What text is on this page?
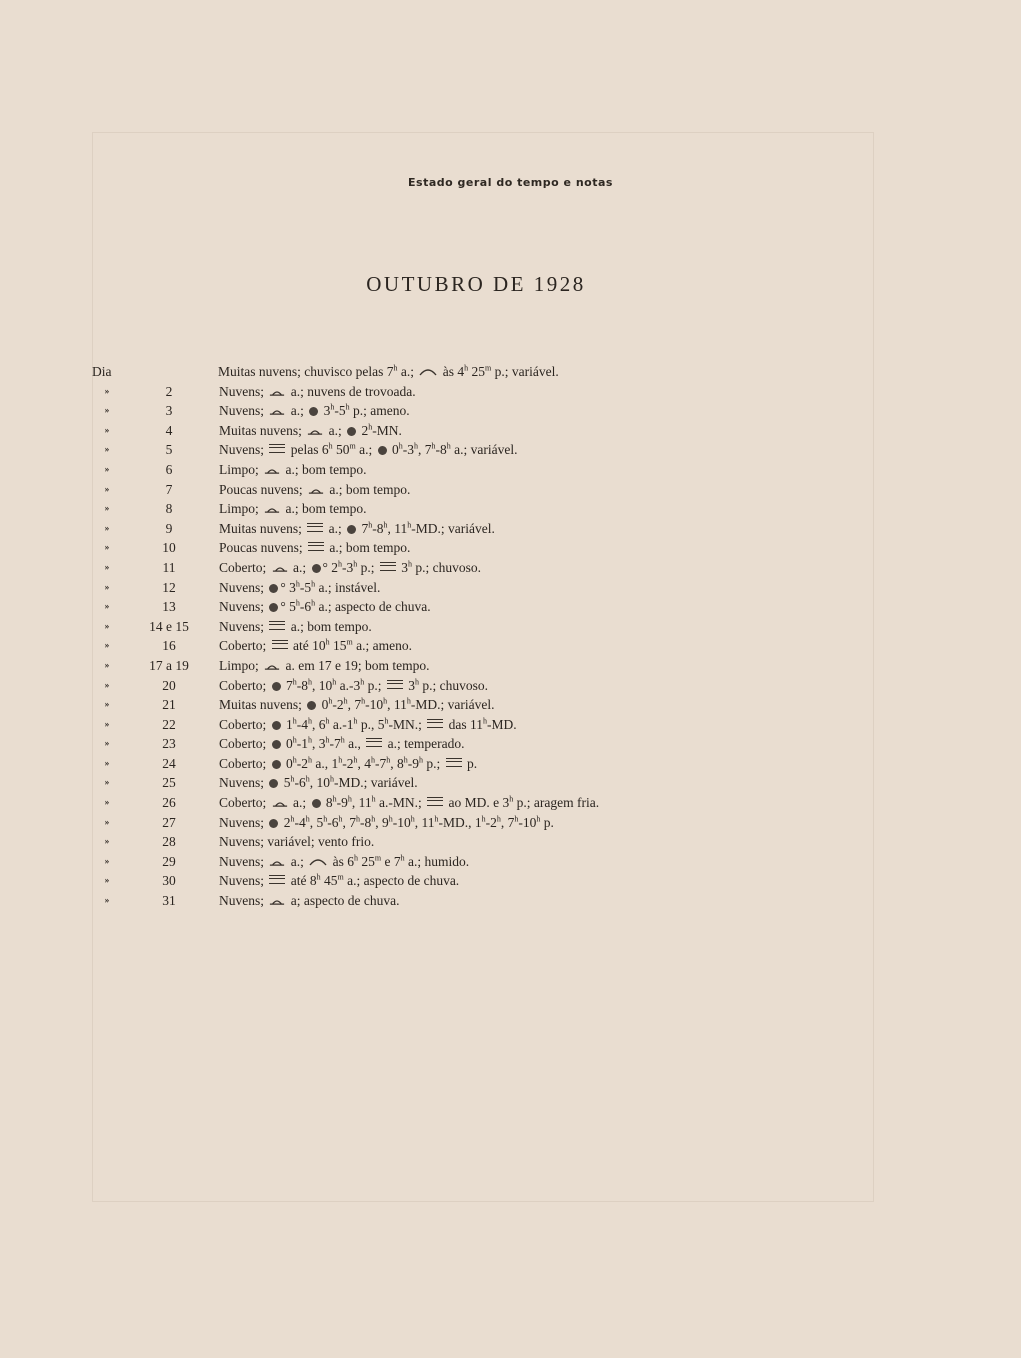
Estado geral do tempo e notas
OUTUBRO DE 1928
Dia	Muitas nuvens; chuvisco pelas 7$^h$ a.;  às 4$^h$ 25$^m$ p.; variável.
»	2	Nuvens;  a.; nuvens de trovoada.
»	3	Nuvens;  a.;  3$^h$-5$^h$ p.; ameno.
»	4	Muitas nuvens;  a.;  2$^h$-MN.
»	5	Nuvens;  pelas 6$^h$ 50$^m$ a.;  0$^h$-3$^h$, 7$^h$-8$^h$ a.; variável.
»	6	Limpo;  a.; bom tempo.
»	7	Poucas nuvens;  a.; bom tempo.
»	8	Limpo;  a.; bom tempo.
»	9	Muitas nuvens;  a.;  7$^h$-8$^h$, 11$^h$-MD.; variável.
»	10	Poucas nuvens;  a.; bom tempo.
»	11	Coberto;  a.; ° 2$^h$-3$^h$ p.;  3$^h$ p.; chuvoso.
»	12	Nuvens; ° 3$^h$-5$^h$ a.; instável.
»	13	Nuvens; ° 5$^h$-6$^h$ a.; aspecto de chuva.
»	14 e 15	Nuvens;  a.; bom tempo.
»	16	Coberto;  até 10$^h$ 15$^m$ a.; ameno.
»	17 a 19	Limpo;  a. em 17 e 19; bom tempo.
»	20	Coberto;  7$^h$-8$^h$, 10$^h$ a.-3$^h$ p.;  3$^h$ p.; chuvoso.
»	21	Muitas nuvens;  0$^h$-2$^h$, 7$^h$-10$^h$, 11$^h$-MD.; variável.
»	22	Coberto;  1$^h$-4$^h$, 6$^h$ a.-1$^h$ p., 5$^h$-MN.;  das 11$^h$-MD.
»	23	Coberto;  0$^h$-1$^h$, 3$^h$-7$^h$ a.,  a.; temperado.
»	24	Coberto;  0$^h$-2$^h$ a., 1$^h$-2$^h$, 4$^h$-7$^h$, 8$^h$-9$^h$ p.;  p.
»	25	Nuvens;  5$^h$-6$^h$, 10$^h$-MD.; variável.
»	26	Coberto;  a.;  8$^h$-9$^h$, 11$^h$ a.-MN.;  ao MD. e 3$^h$ p.; aragem fria.
»	27	Nuvens;  2$^h$-4$^h$, 5$^h$-6$^h$, 7$^h$-8$^h$, 9$^h$-10$^h$, 11$^h$-MD., 1$^h$-2$^h$, 7$^h$-10$^h$ p.
»	28	Nuvens; variável; vento frio.
»	29	Nuvens;  a.;  às 6$^h$ 25$^m$ e 7$^h$ a.; humido.
»	30	Nuvens;  até 8$^h$ 45$^m$ a.; aspecto de chuva.
»	31	Nuvens;  a; aspecto de chuva.
